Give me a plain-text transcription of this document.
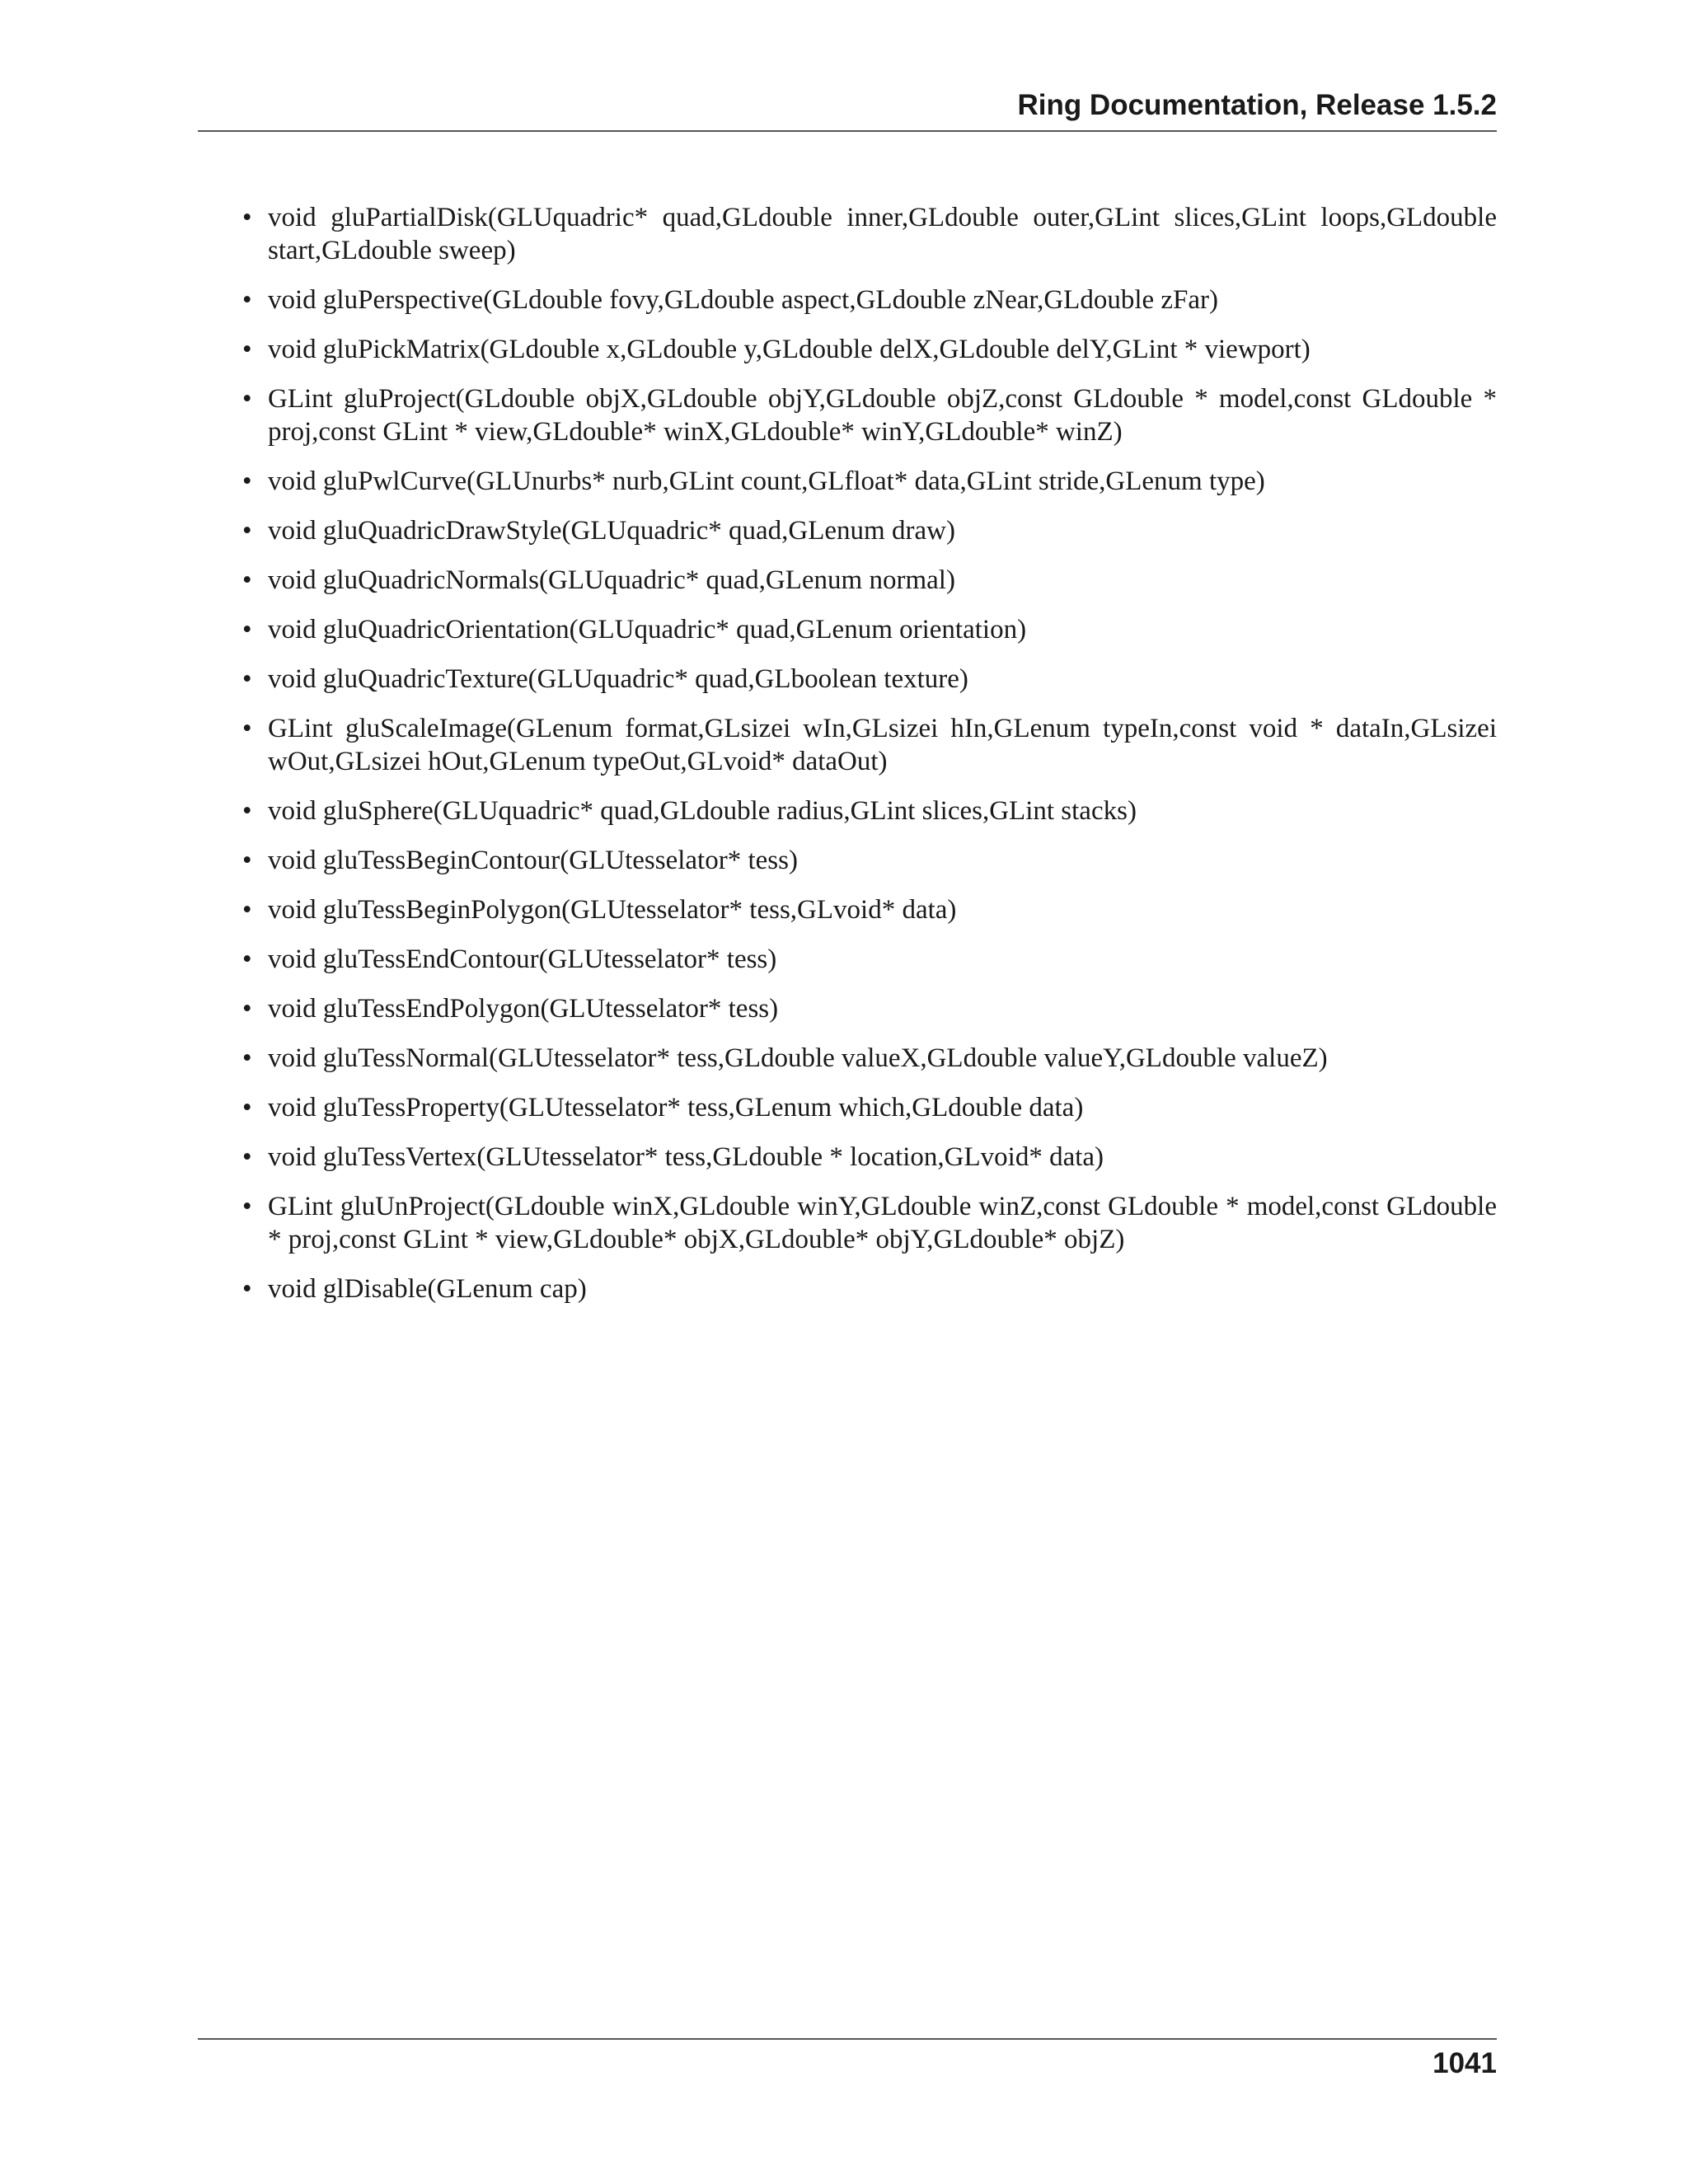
Ring Documentation, Release 1.5.2
• void gluPartialDisk(GLUquadric* quad,GLdouble inner,GLdouble outer,GLint slices,GLint loops,GLdouble start,GLdouble sweep)
• void gluPerspective(GLdouble fovy,GLdouble aspect,GLdouble zNear,GLdouble zFar)
• void gluPickMatrix(GLdouble x,GLdouble y,GLdouble delX,GLdouble delY,GLint * viewport)
• GLint gluProject(GLdouble objX,GLdouble objY,GLdouble objZ,const GLdouble * model,const GLdouble * proj,const GLint * view,GLdouble* winX,GLdouble* winY,GLdouble* winZ)
• void gluPwlCurve(GLUnurbs* nurb,GLint count,GLfloat* data,GLint stride,GLenum type)
• void gluQuadricDrawStyle(GLUquadric* quad,GLenum draw)
• void gluQuadricNormals(GLUquadric* quad,GLenum normal)
• void gluQuadricOrientation(GLUquadric* quad,GLenum orientation)
• void gluQuadricTexture(GLUquadric* quad,GLboolean texture)
• GLint gluScaleImage(GLenum format,GLsizei wIn,GLsizei hIn,GLenum typeIn,const void * dataIn,GLsizei wOut,GLsizei hOut,GLenum typeOut,GLvoid* dataOut)
• void gluSphere(GLUquadric* quad,GLdouble radius,GLint slices,GLint stacks)
• void gluTessBeginContour(GLUtesselator* tess)
• void gluTessBeginPolygon(GLUtesselator* tess,GLvoid* data)
• void gluTessEndContour(GLUtesselator* tess)
• void gluTessEndPolygon(GLUtesselator* tess)
• void gluTessNormal(GLUtesselator* tess,GLdouble valueX,GLdouble valueY,GLdouble valueZ)
• void gluTessProperty(GLUtesselator* tess,GLenum which,GLdouble data)
• void gluTessVertex(GLUtesselator* tess,GLdouble * location,GLvoid* data)
• GLint gluUnProject(GLdouble winX,GLdouble winY,GLdouble winZ,const GLdouble * model,const GLdouble * proj,const GLint * view,GLdouble* objX,GLdouble* objY,GLdouble* objZ)
• void glDisable(GLenum cap)
1041
